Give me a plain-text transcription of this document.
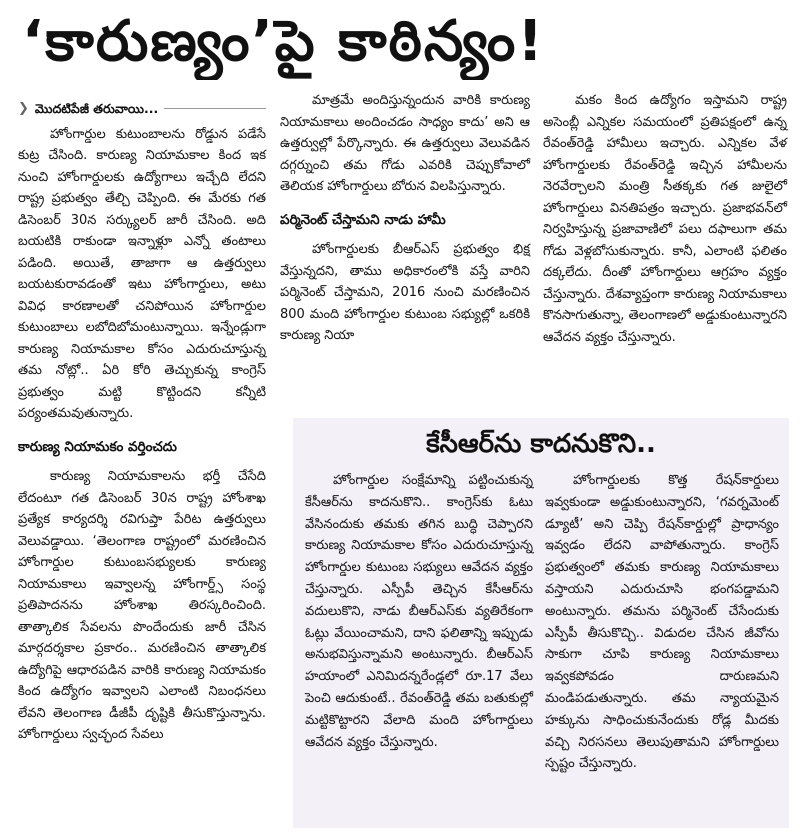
‘కారుణ్యం’పై కాఠిన్యం!
❯ మొదటిపేజీ తరువాయి...

హోంగార్డుల కుటుంబాలను రోడ్డున పడేసే కుట్ర చేసింది. కారుణ్య నియామకాల కింద ఇక నుంచి హోంగార్డులకు ఉద్యోగాలు ఇచ్చేది లేదని రాష్ట్ర ప్రభుత్వం తేల్చి చెప్పింది. ఈ మేరకు గత డిసెంబర్ 30న సర్క్యులర్ జారీ చేసింది. అది బయటికి రాకుండా ఇన్నాళ్లూ ఎన్నో తంటాలు పడింది. అయితే, తాజాగా ఆ ఉత్తర్వులు బయటకురావడంతో ఇటు హోంగార్డులు, అటు వివిధ కారణాలతో చనిపోయిన హోంగార్డుల కుటుంబాలు లబోదిబోమంటున్నాయి. ఇన్నేండ్లుగా కారుణ్య నియామకాల కోసం ఎదురుచూస్తున్న తమ నోట్లో.. ఏరి కోరి తెచ్చుకున్న కాంగ్రెస్ ప్రభుత్వం మట్టి కొట్టిందని కన్నీటి పర్యంతమవుతున్నారు.

కారుణ్య నియామకం వర్తించదు

కారుణ్య నియామకాలను భర్తీ చేసేది లేదంటూ గత డిసెంబర్ 30న రాష్ట్ర హోంశాఖ ప్రత్యేక కార్యదర్శి రవిగుప్తా పేరిట ఉత్తర్వులు వెలువడ్డాయి. ‘తెలంగాణ రాష్ట్రంలో మరణించిన హోంగార్డుల కుటుంబసభ్యులకు కారుణ్య నియామకాలు ఇవ్వాలన్న హోంగార్డ్స్ సంస్థ ప్రతిపాదనను హోంశాఖ తిరస్కరించింది. తాత్కాలిక సేవలను పొందేందుకు జారీ చేసిన మార్గదర్శకాల ప్రకారం.. మరణించిన తాత్కాలిక ఉద్యోగిపై ఆధారపడిన వారికి కారుణ్య నియామకం కింద ఉద్యోగం ఇవ్వాలని ఎలాంటి నిబంధనలు లేవని తెలంగాణ డీజీపీ దృష్టికి తీసుకొస్తున్నాను. హోంగార్డులు స్వచ్ఛంద సేవలు

మాత్రమే అందిస్తున్నందున వారికి కారుణ్య నియామకాలు అందించడం సాధ్యం కాదు’ అని ఆ ఉత్తర్వుల్లో పేర్కొన్నారు. ఈ ఉత్తర్వులు వెలువడిన దగ్గర్నుంచి తమ గోడు ఎవరికి చెప్పుకోవాలో తెలియక హోంగార్డులు బోరున విలపిస్తున్నారు.

పర్మినెంట్ చేస్తామని నాడు హామీ

హోంగార్డులకు బీఆర్ఎస్ ప్రభుత్వం భిక్ష వేస్తున్నదని, తాము అధికారంలోకి వస్తే వారిని పర్మినెంట్ చేస్తామని, 2016 నుంచి మరణించిన 800 మంది హోంగార్డుల కుటుంబ సభ్యుల్లో ఒకరికి కారుణ్య నియా

మకం కింద ఉద్యోగం ఇస్తామని రాష్ట్ర అసెంబ్లీ ఎన్నికల సమయంలో ప్రతిపక్షంలో ఉన్న రేవంత్‌రెడ్డి హామీలు ఇచ్చారు. ఎన్నికల వేళ హోంగార్డులకు రేవంత్‌రెడ్డి ఇచ్చిన హామీలను నెరవేర్చాలని మంత్రి సీతక్కకు గత జులైలో హోంగార్డులు వినతిపత్రం ఇచ్చారు. ప్రజాభవన్‌లో నిర్వహిస్తున్న ప్రజావాణిలో పలు దఫాలుగా తమ గోడు వెళ్లబోసుకున్నారు. కానీ, ఎలాంటి ఫలితం దక్కలేదు. దీంతో హోంగార్డులు ఆగ్రహం వ్యక్తం చేస్తున్నారు. దేశవ్యాప్తంగా కారుణ్య నియామకాలు కొనసాగుతున్నా, తెలంగాణలో అడ్డుకుంటున్నారని ఆవేదన వ్యక్తం చేస్తున్నారు.

కేసీఆర్‌ను కాదనుకొని..

హోంగార్డుల సంక్షేమాన్ని పట్టించుకున్న కేసీఆర్‌ను కాదనుకొని.. కాంగ్రెస్‌కు ఓటు వేసినందుకు తమకు తగిన బుద్ధి చెప్పారని కారుణ్య నియామకాల కోసం ఎదురుచూస్తున్న హోంగార్డుల కుటుంబ సభ్యులు ఆవేదన వ్యక్తం చేస్తున్నారు. ఎస్పీపీ తెచ్చిన కేసీఆర్‌ను వదులుకొని, నాడు బీఆర్ఎస్‌కు వ్యతిరేకంగా ఓట్లు వేయించామని, దాని ఫలితాన్ని ఇప్పుడు అనుభవిస్తున్నామని అంటున్నారు. బీఆర్ఎస్ హయాంలో ఎనిమిదన్నరేండ్లలో రూ.17 వేలు పెంచి ఆదుకుంటే.. రేవంత్‌రెడ్డి తమ బతుకుల్లో మట్టికొట్టారని వేలాది మంది హోంగార్డులు ఆవేదన వ్యక్తం చేస్తున్నారు.

హోంగార్డులకు కొత్త రేషన్‌కార్డులు ఇవ్వకుండా అడ్డుకుంటున్నారని, ‘గవర్నమెంట్ డ్యూటీ’ అని చెప్పి రేషన్‌కార్డుల్లో ప్రాధాన్యం ఇవ్వడం లేదని వాపోతున్నారు. కాంగ్రెస్ ప్రభుత్వంలో తమకు కారుణ్య నియామకాలు వస్తాయని ఎదురుచూసి భంగపడ్డామని అంటున్నారు. తమను పర్మినెంట్ చేసేందుకు ఎస్పీపీ తీసుకొచ్చి.. విడుదల చేసిన జీవోను సాకుగా చూపి కారుణ్య నియామకాలు ఇవ్వకపోవడం దారుణమని మండిపడుతున్నారు. తమ న్యాయమైన హక్కును సాధించుకునేందుకు రోడ్ల మీదకు వచ్చి నిరసనలు తెలుపుతామని హోంగార్డులు స్పష్టం చేస్తున్నారు.
